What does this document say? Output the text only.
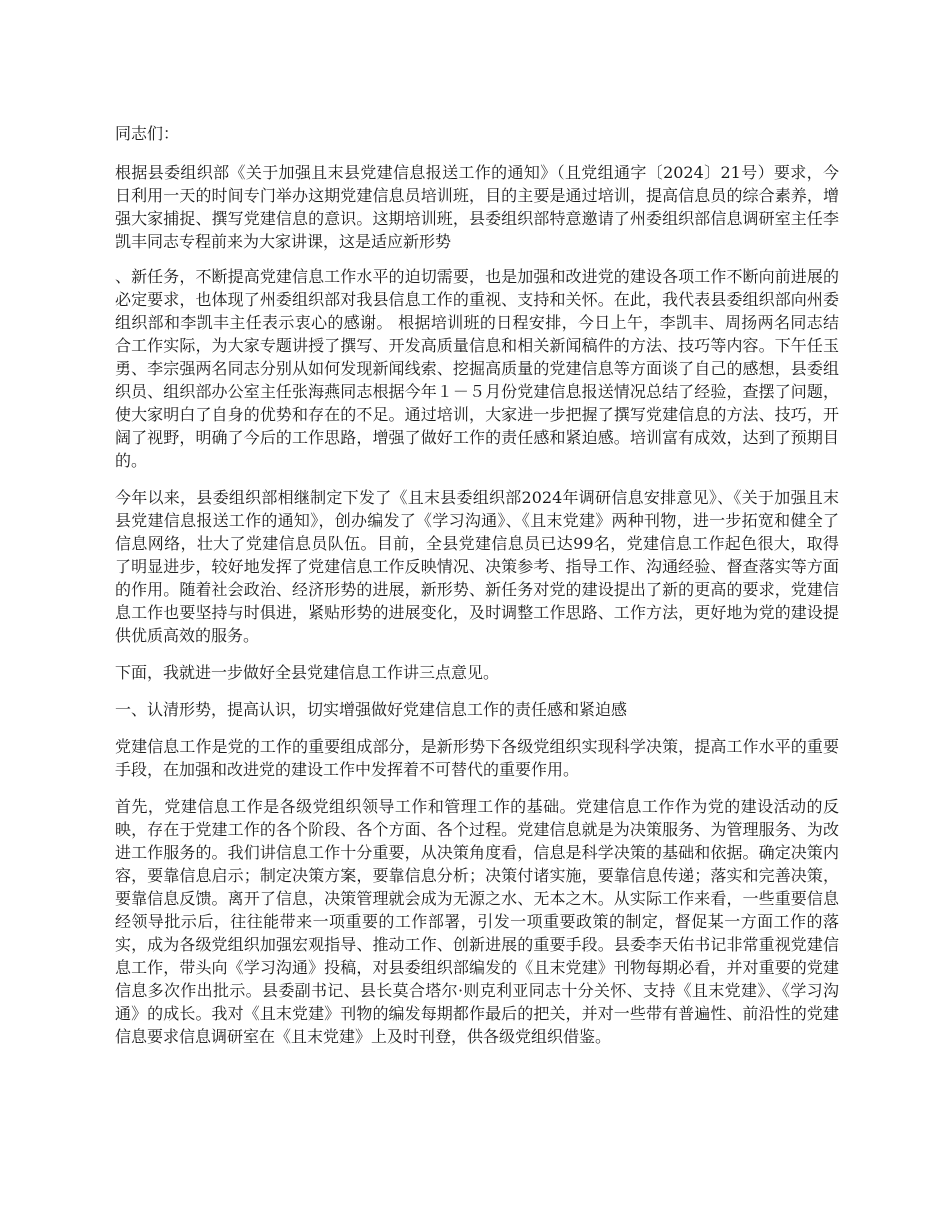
同志们：

根据县委组织部《关于加强且末县党建信息报送工作的通知》（且党组通字〔2024〕21号）要求，今日利用一天的时间专门举办这期党建信息员培训班，目的主要是通过培训，提高信息员的综合素养，增强大家捕捉、撰写党建信息的意识。这期培训班，县委组织部特意邀请了州委组织部信息调研室主任李凯丰同志专程前来为大家讲课，这是适应新形势

、新任务，不断提高党建信息工作水平的迫切需要，也是加强和改进党的建设各项工作不断向前进展的必定要求，也体现了州委组织部对我县信息工作的重视、支持和关怀。在此，我代表县委组织部向州委组织部和李凯丰主任表示衷心的感谢。 根据培训班的日程安排，今日上午，李凯丰、周扬两名同志结合工作实际，为大家专题讲授了撰写、开发高质量信息和相关新闻稿件的方法、技巧等内容。下午任玉勇、李宗强两名同志分别从如何发现新闻线索、挖掘高质量的党建信息等方面谈了自己的感想，县委组织员、组织部办公室主任张海燕同志根据今年１－５月份党建信息报送情况总结了经验，查摆了问题，使大家明白了自身的优势和存在的不足。通过培训，大家进一步把握了撰写党建信息的方法、技巧，开阔了视野，明确了今后的工作思路，增强了做好工作的责任感和紧迫感。培训富有成效，达到了预期目的。

今年以来，县委组织部相继制定下发了《且末县委组织部2024年调研信息安排意见》、《关于加强且末县党建信息报送工作的通知》，创办编发了《学习沟通》、《且末党建》两种刊物，进一步拓宽和健全了信息网络，壮大了党建信息员队伍。目前，全县党建信息员已达99名，党建信息工作起色很大，取得了明显进步，较好地发挥了党建信息工作反映情况、决策参考、指导工作、沟通经验、督查落实等方面的作用。随着社会政治、经济形势的进展，新形势、新任务对党的建设提出了新的更高的要求，党建信息工作也要坚持与时俱进，紧贴形势的进展变化，及时调整工作思路、工作方法，更好地为党的建设提供优质高效的服务。

下面，我就进一步做好全县党建信息工作讲三点意见。

一、认清形势，提高认识，切实增强做好党建信息工作的责任感和紧迫感

党建信息工作是党的工作的重要组成部分，是新形势下各级党组织实现科学决策，提高工作水平的重要手段，在加强和改进党的建设工作中发挥着不可替代的重要作用。

首先，党建信息工作是各级党组织领导工作和管理工作的基础。党建信息工作作为党的建设活动的反映，存在于党建工作的各个阶段、各个方面、各个过程。党建信息就是为决策服务、为管理服务、为改进工作服务的。我们讲信息工作十分重要，从决策角度看，信息是科学决策的基础和依据。确定决策内容，要靠信息启示；制定决策方案，要靠信息分析；决策付诸实施，要靠信息传递；落实和完善决策，要靠信息反馈。离开了信息，决策管理就会成为无源之水、无本之木。从实际工作来看，一些重要信息经领导批示后，往往能带来一项重要的工作部署，引发一项重要政策的制定，督促某一方面工作的落实，成为各级党组织加强宏观指导、推动工作、创新进展的重要手段。县委李天佑书记非常重视党建信息工作，带头向《学习沟通》投稿，对县委组织部编发的《且末党建》刊物每期必看，并对重要的党建信息多次作出批示。县委副书记、县长莫合塔尔·则克利亚同志十分关怀、支持《且末党建》、《学习沟通》的成长。我对《且末党建》刊物的编发每期都作最后的把关，并对一些带有普遍性、前沿性的党建信息要求信息调研室在《且末党建》上及时刊登，供各级党组织借鉴。
